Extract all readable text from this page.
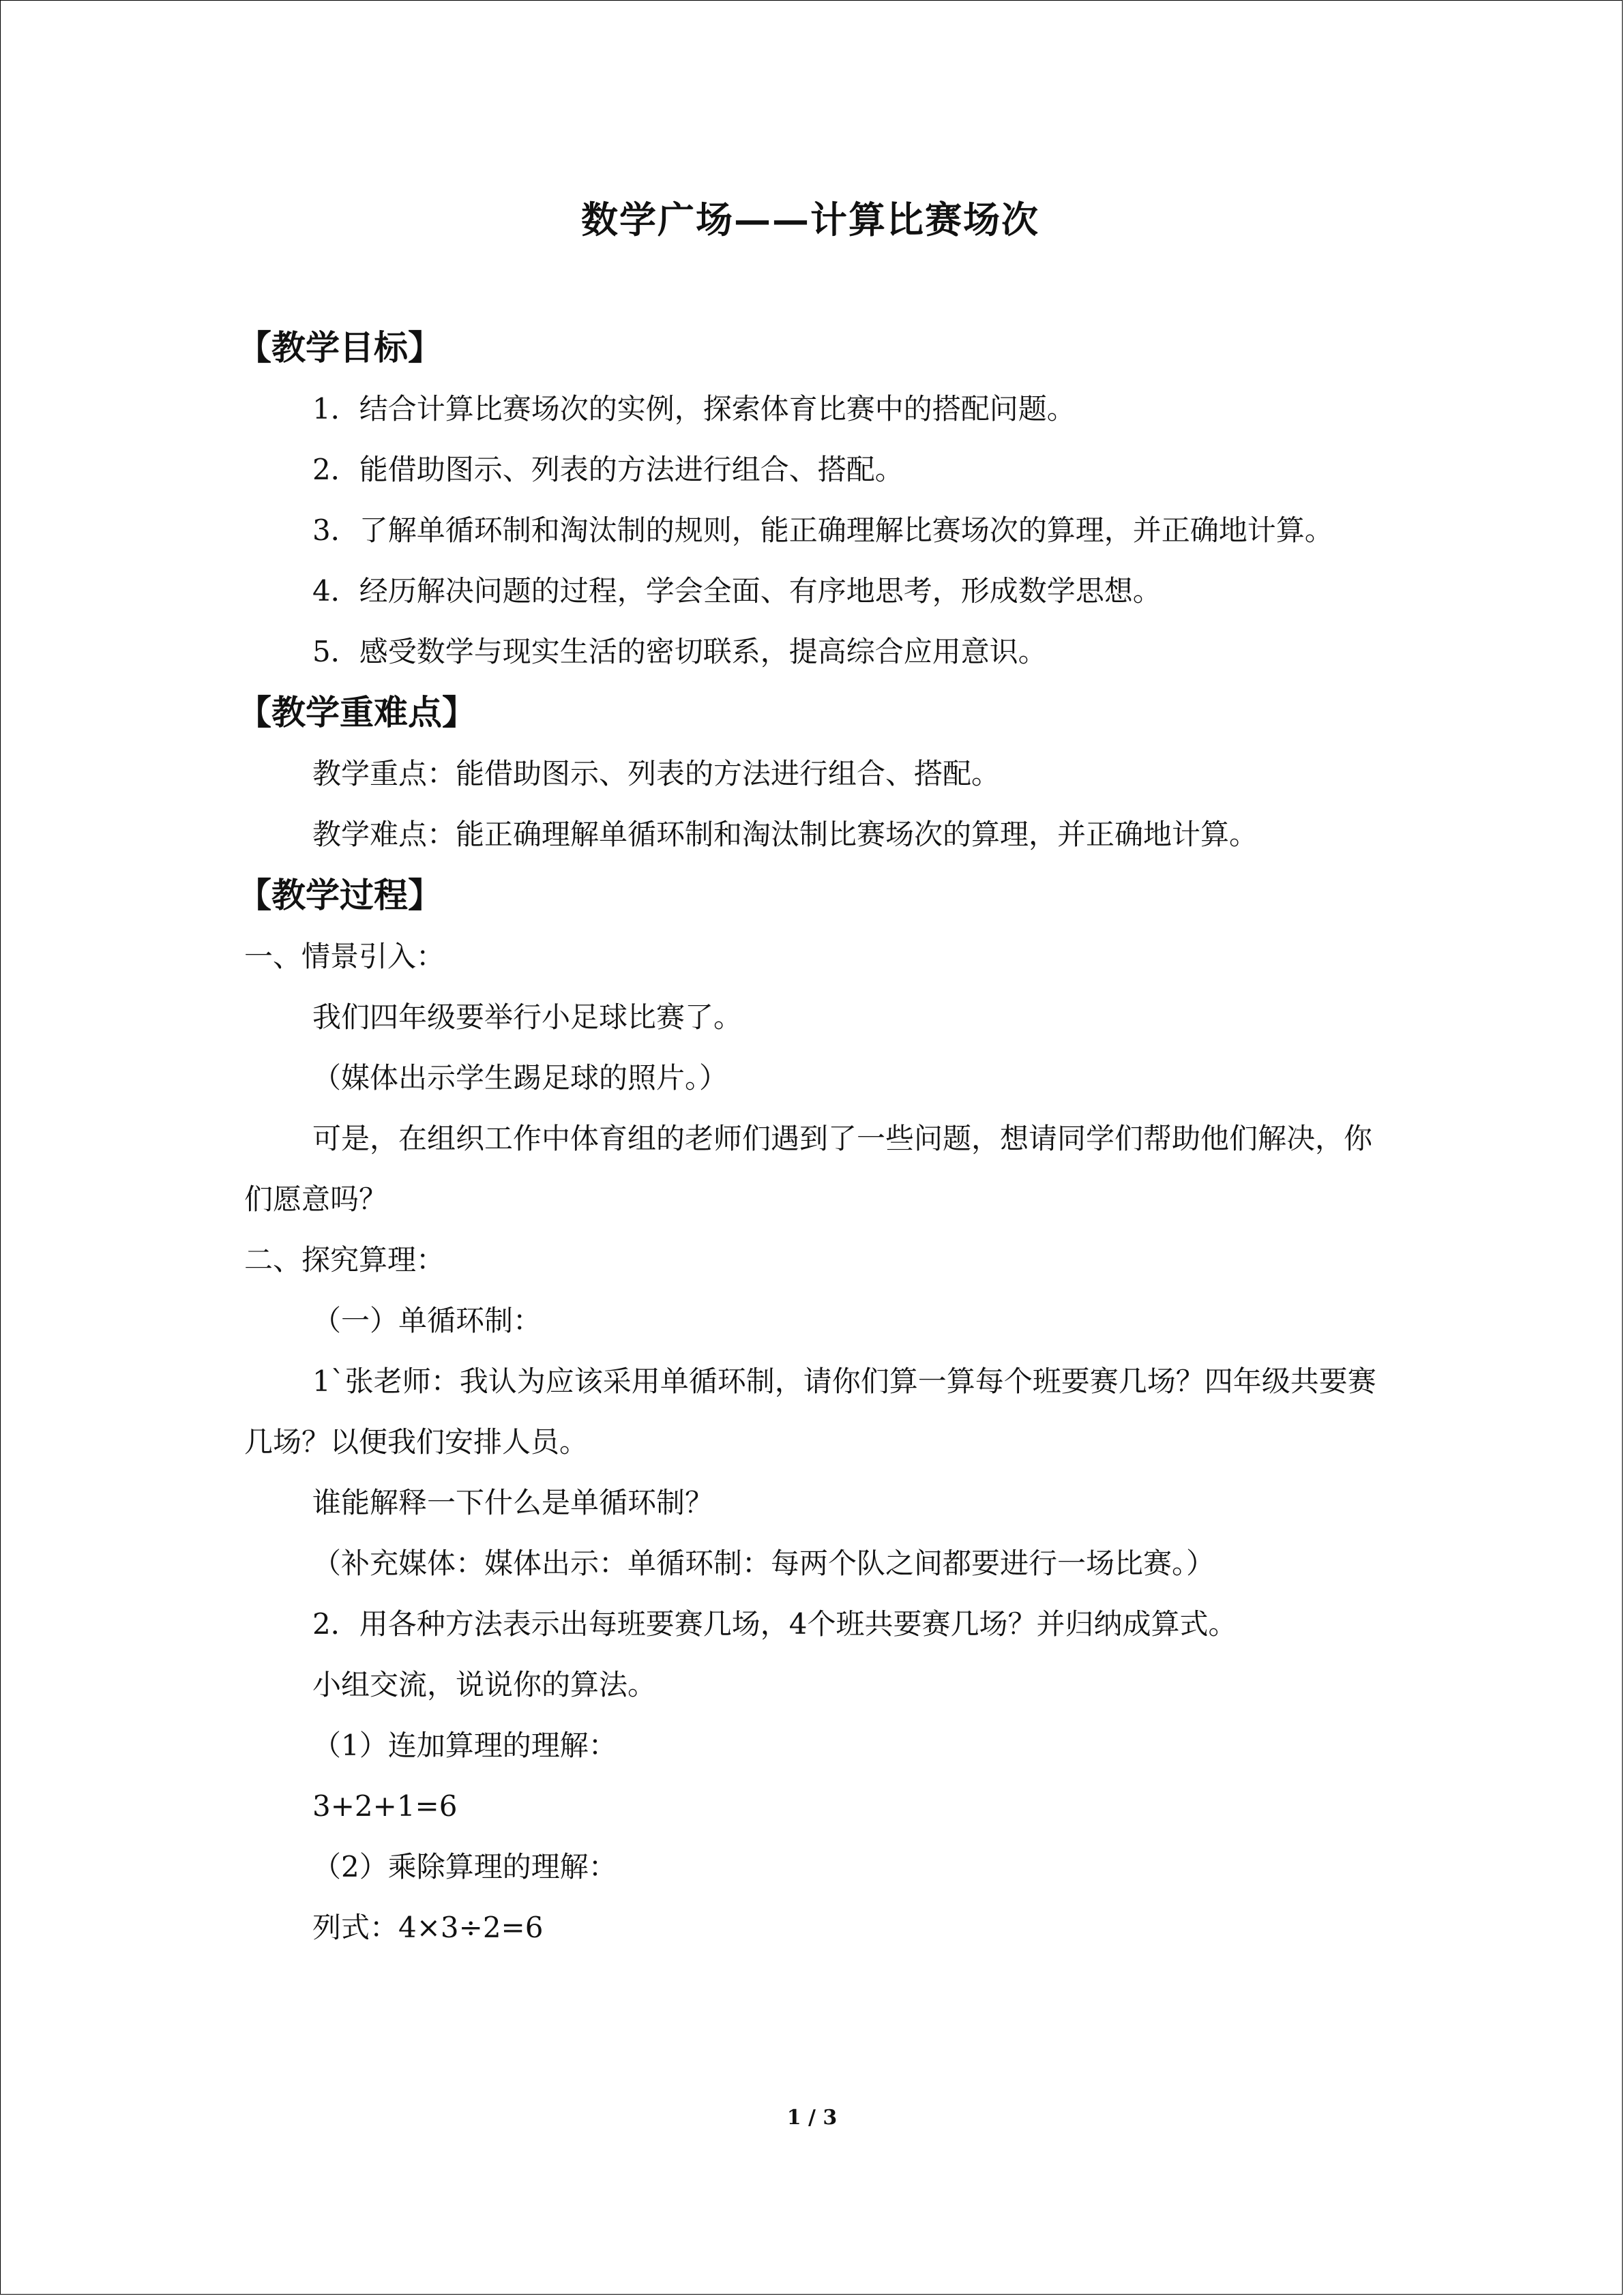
数学广场——计算比赛场次
【教学目标】

1．结合计算比赛场次的实例，探索体育比赛中的搭配问题。

2．能借助图示、列表的方法进行组合、搭配。

3．了解单循环制和淘汰制的规则，能正确理解比赛场次的算理，并正确地计算。

4．经历解决问题的过程，学会全面、有序地思考，形成数学思想。

5．感受数学与现实生活的密切联系，提高综合应用意识。

【教学重难点】

教学重点：能借助图示、列表的方法进行组合、搭配。

教学难点：能正确理解单循环制和淘汰制比赛场次的算理，并正确地计算。

【教学过程】

一、情景引入：

我们四年级要举行小足球比赛了。

（媒体出示学生踢足球的照片。）

可是，在组织工作中体育组的老师们遇到了一些问题，想请同学们帮助他们解决，你们愿意吗？

二、探究算理：

（一）单循环制：

1`张老师：我认为应该采用单循环制，请你们算一算每个班要赛几场？四年级共要赛几场？以便我们安排人员。

谁能解释一下什么是单循环制？

（补充媒体：媒体出示：单循环制：每两个队之间都要进行一场比赛。）

2．用各种方法表示出每班要赛几场，4个班共要赛几场？并归纳成算式。

小组交流，说说你的算法。

（1）连加算理的理解：

3+2+1=6

（2）乘除算理的理解：

列式：4×3÷2=6

1 / 3
